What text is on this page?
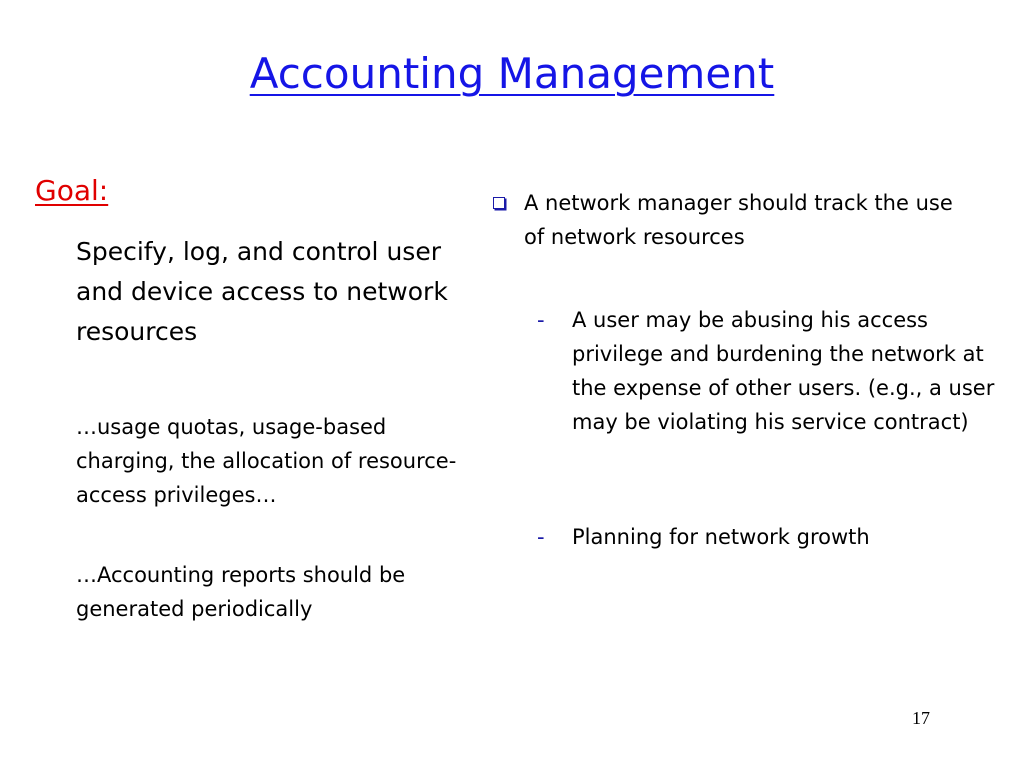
Accounting Management
Goal:

Specify, log, and control user and device access to network resources

…usage quotas, usage-based charging, the allocation of resource-access privileges…

…Accounting reports should be generated periodically

A network manager should track the use of network resources

-	A user may be abusing his access privilege and burdening the network at the expense of other users. (e.g., a user may be violating his service contract)

-	Planning for network growth

17
